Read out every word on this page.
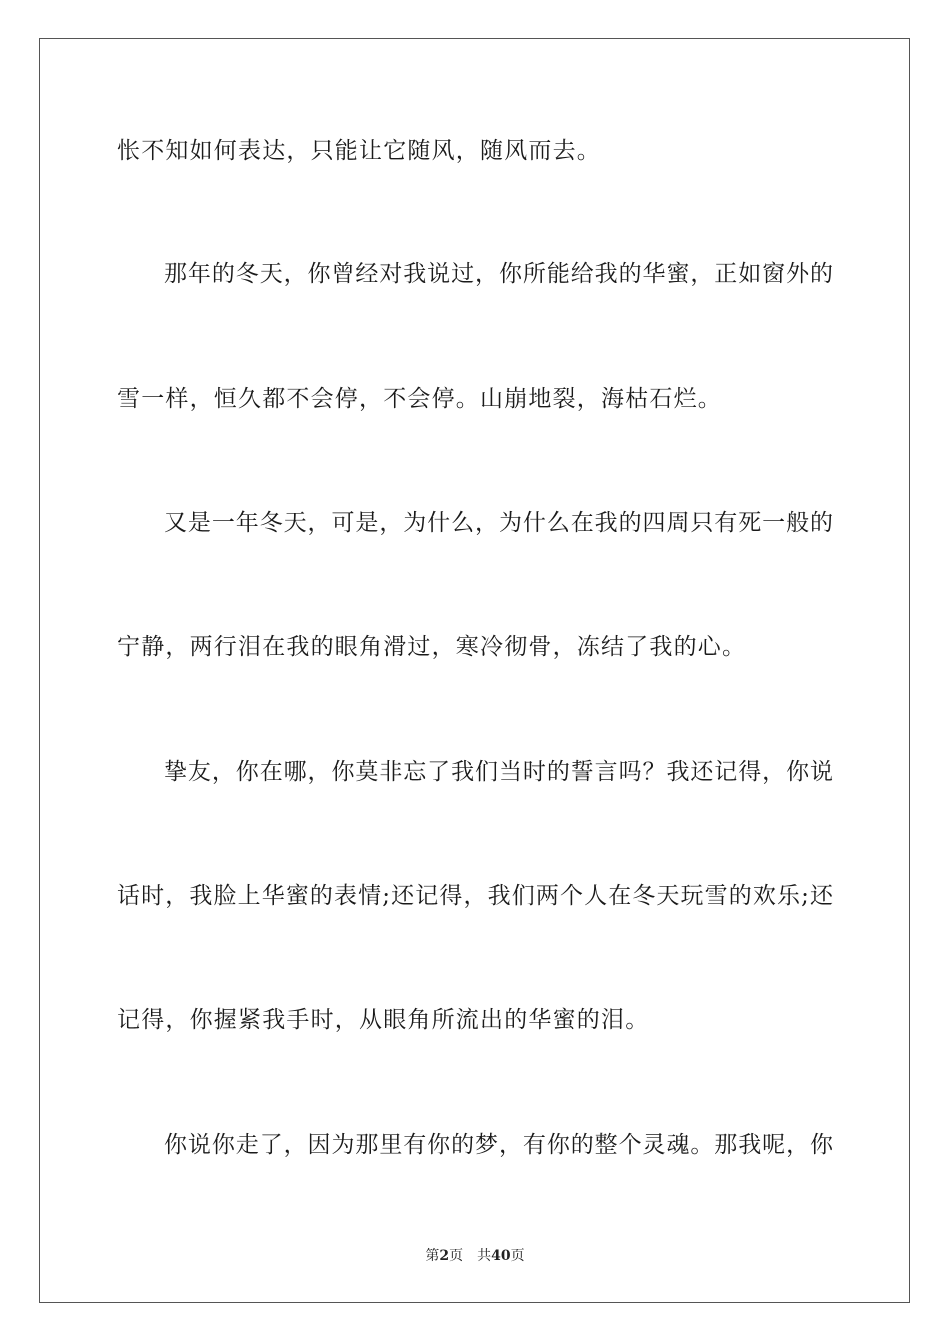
怅不知如何表达，只能让它随风，随风而去。
那年的冬天，你曾经对我说过，你所能给我的华蜜，正如窗外的
雪一样，恒久都不会停，不会停。山崩地裂，海枯石烂。
又是一年冬天，可是，为什么，为什么在我的四周只有死一般的
宁静，两行泪在我的眼角滑过，寒冷彻骨，冻结了我的心。
挚友，你在哪，你莫非忘了我们当时的誓言吗？我还记得，你说
话时，我脸上华蜜的表情;还记得，我们两个人在冬天玩雪的欢乐;还
记得，你握紧我手时，从眼角所流出的华蜜的泪。
你说你走了，因为那里有你的梦，有你的整个灵魂。那我呢，你
第2页 共40页
